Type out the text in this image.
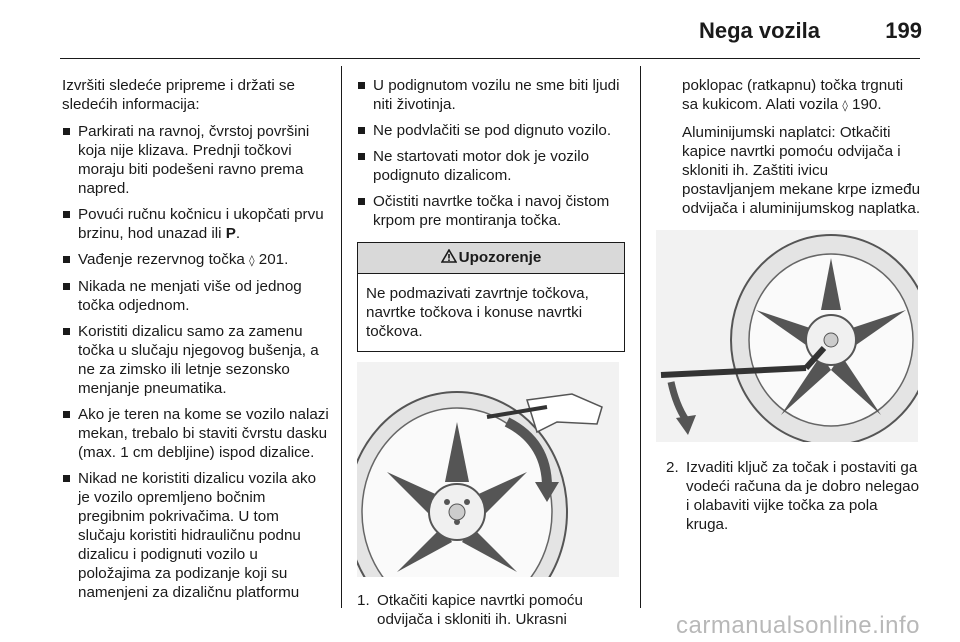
Nega vozila	199

Izvršiti sledeće pripreme i držati se sledećih informacija:

Parkirati na ravnoj, čvrstoj površini koja nije klizava. Prednji točkovi moraju biti podešeni ravno prema napred.
Povući ručnu kočnicu i ukopčati prvu brzinu, hod unazad ili P.
Vađenje rezervnog točka ◊ 201.
Nikada ne menjati više od jednog točka odjednom.
Koristiti dizalicu samo za zamenu točka u slučaju njegovog bušenja, a ne za zimsko ili letnje sezonsko menjanje pneumatika.
Ako je teren na kome se vozilo nalazi mekan, trebalo bi staviti čvrstu dasku (max. 1 cm debljine) ispod dizalice.
Nikad ne koristiti dizalicu vozila ako je vozilo opremljeno bočnim pregibnim pokrivačima. U tom slučaju koristiti hidrauličnu podnu dizalicu i podignuti vozilo u položajima za podizanje koji su namenjeni za dizaličnu platformu
U podignutom vozilu ne sme biti ljudi niti životinja.
Ne podvlačiti se pod dignuto vozilo.
Ne startovati motor dok je vozilo podignuto dizalicom.
Očistiti navrtke točka i navoj čistom krpom pre montiranja točka.
Upozorenje
Ne podmazivati zavrtnje točkova, navrtke točkova i konuse navrtki točkova.
1. Otkačiti kapice navrtki pomoću odvijača i skloniti ih. Ukrasni

poklopac (ratkapnu) točka trgnuti sa kukicom. Alati vozila ◊ 190.

Aluminijumski naplatci: Otkačiti kapice navrtki pomoću odvijača i skloniti ih. Zaštiti ivicu postavljanjem mekane krpe između odvijača i aluminijumskog naplatka.

2. Izvaditi ključ za točak i postaviti ga vodeći računa da je dobro nelegao i olabaviti vijke točka za pola kruga.
carmanualsonline.info
